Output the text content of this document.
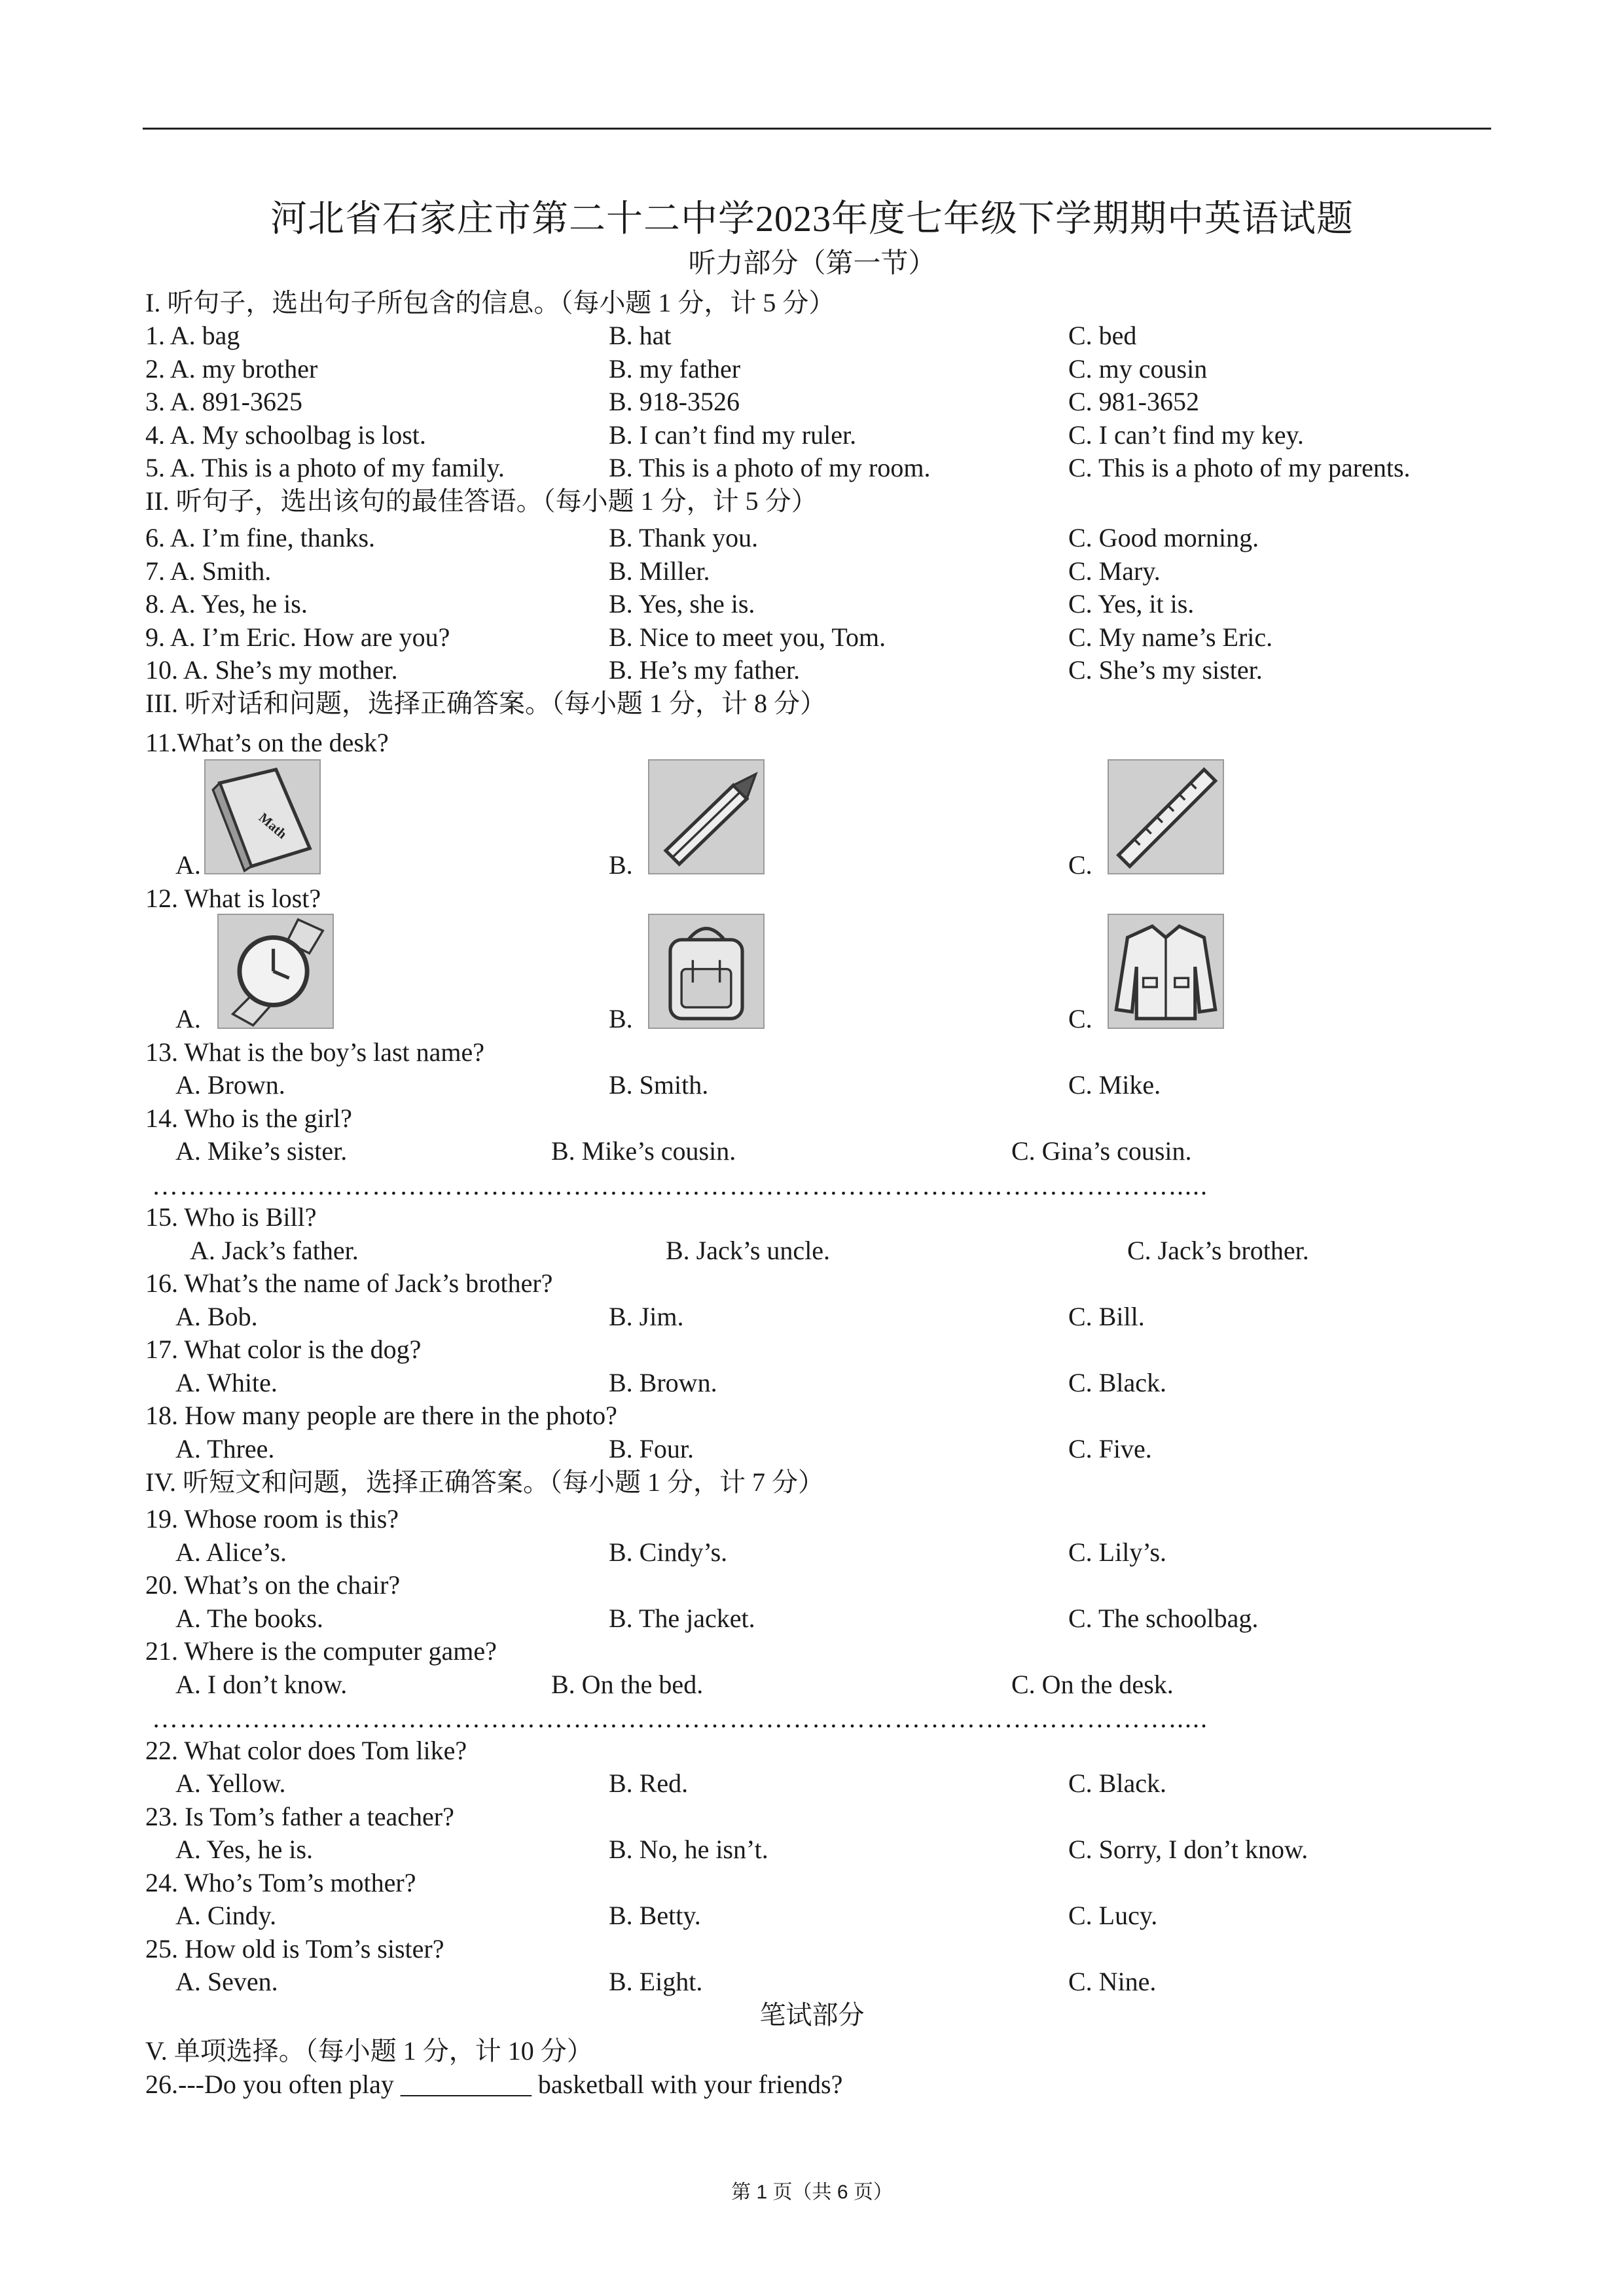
河北省石家庄市第二十二中学2023年度七年级下学期期中英语试题
听力部分（第一节）
I. 听句子，选出句子所包含的信息。（每小题 1 分，计 5 分）
1. A. bag	B. hat	C. bed
2. A. my brother	B. my father	C. my cousin
3. A. 891-3625	B. 918-3526	C. 981-3652
4. A. My schoolbag is lost.	B. I can’t find my ruler.	C. I can’t find my key.
5. A. This is a photo of my family.	B. This is a photo of my room.	C. This is a photo of my parents.
II. 听句子，选出该句的最佳答语。（每小题 1 分，计 5 分）
6. A. I’m fine, thanks.	B. Thank you.	C. Good morning.
7. A. Smith.	B. Miller.	C. Mary.
8. A. Yes, he is.	B. Yes, she is.	C. Yes, it is.
9. A. I’m Eric. How are you?	B. Nice to meet you, Tom.	C. My name’s Eric.
10. A. She’s my mother.	B. He’s my father.	C. She’s my sister.
III. 听对话和问题，选择正确答案。（每小题 1 分，计 8 分）
11.What’s on the desk?
A.
Math
B.	C.
12. What is lost?
A.	B.	C.
13. What is the boy’s last name?
A. Brown.	B. Smith.	C. Mike.
14. Who is the girl?
A. Mike’s sister.	B. Mike’s cousin.	C. Gina’s cousin.
………………………………………………………………………………………………….....
15. Who is Bill?
A. Jack’s father.	B. Jack’s uncle.	C. Jack’s brother.
16. What’s the name of Jack’s brother?
A. Bob.	B. Jim.	C. Bill.
17. What color is the dog?
A. White.	B. Brown.	C. Black.
18. How many people are there in the photo?
A. Three.	B. Four.	C. Five.
IV. 听短文和问题，选择正确答案。（每小题 1 分，计 7 分）
19. Whose room is this?
A. Alice’s.	B. Cindy’s.	C. Lily’s.
20. What’s on the chair?
A. The books.	B. The jacket.	C. The schoolbag.
21. Where is the computer game?
A. I don’t know.	B. On the bed.	C. On the desk.
………………………………………………………………………………………………….....
22. What color does Tom like?
A. Yellow.	B. Red.	C. Black.
23. Is Tom’s father a teacher?
A. Yes, he is.	B. No, he isn’t.	C. Sorry, I don’t know.
24. Who’s Tom’s mother?
A. Cindy.	B. Betty.	C. Lucy.
25. How old is Tom’s sister?
A. Seven.	B. Eight.	C. Nine.
笔试部分
V. 单项选择。（每小题 1 分，计 10 分）
26.---Do you often play __________ basketball with your friends?
第 1 页（共 6 页）
